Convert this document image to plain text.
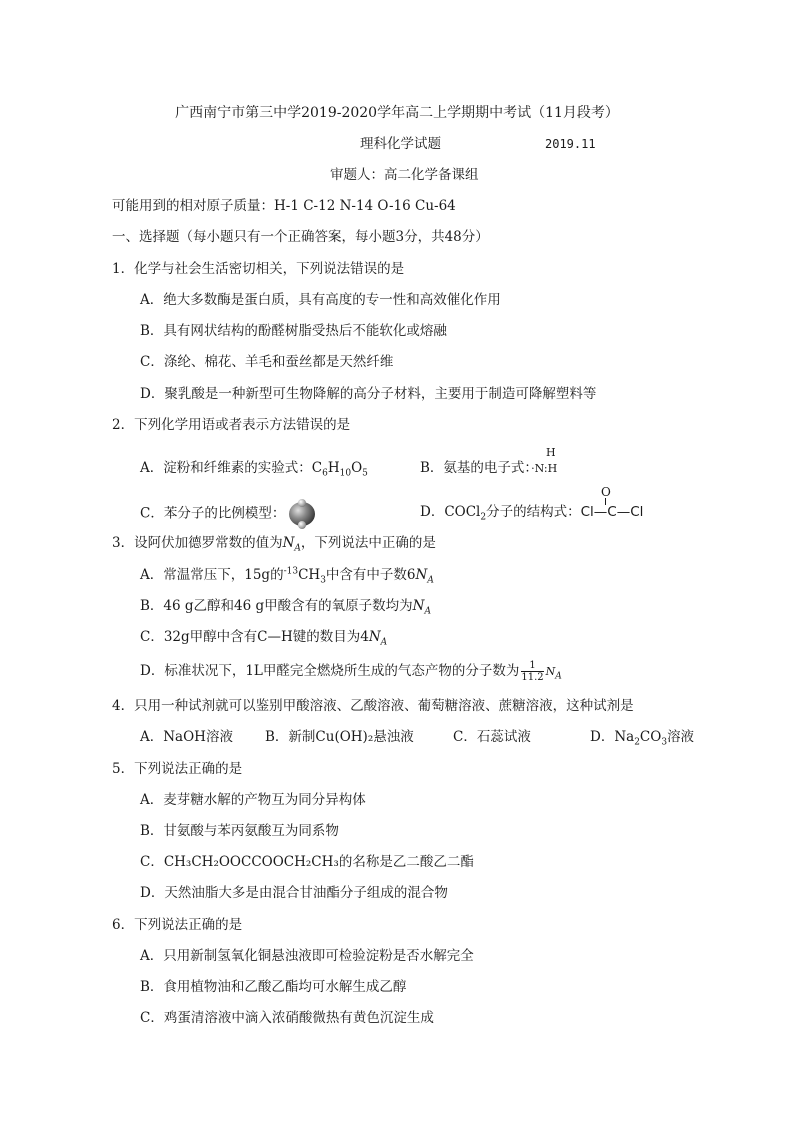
广西南宁市第三中学2019-2020学年高二上学期期中考试（11月段考）
理科化学试题	2019.11
审题人：高二化学备课组
可能用到的相对原子质量：H-1 C-12 N-14 O-16 Cu-64
一、选择题（每小题只有一个正确答案，每小题3分，共48分）
1．化学与社会生活密切相关，下列说法错误的是
A．绝大多数酶是蛋白质，具有高度的专一性和高效催化作用
B．具有网状结构的酚醛树脂受热后不能软化或熔融
C．涤纶、棉花、羊毛和蚕丝都是天然纤维
D．聚乳酸是一种新型可生物降解的高分子材料，主要用于制造可降解塑料等
2．下列化学用语或者表示方法错误的是
A．淀粉和纤维素的实验式：$C_6H_{10}O_5$
H
B．氨基的电子式：·N:H
C．苯分子的比例模型：
O
D．COCl$_2$分子的结构式：Cl—C—Cl
3．设阿伏加德罗常数的值为$N_A$，下列说法中正确的是
A．常温常压下，15g的$^{-13}CH_3$中含有中子数$6N_A$
B．46 g乙醇和46 g甲酸含有的氧原子数均为$N_A$
C．32g甲醇中含有C—H键的数目为$4N_A$
D．标准状况下，1L甲醛完全燃烧所生成的气态产物的分子数为 $\frac{1}{11.2} N_A$
4．只用一种试剂就可以鉴别甲酸溶液、乙酸溶液、葡萄糖溶液、蔗糖溶液，这种试剂是
A．NaOH溶液 B．新制Cu(OH)₂悬浊液	C．石蕊试液	D．$Na_2CO_3$溶液
5．下列说法正确的是
A．麦芽糖水解的产物互为同分异构体
B．甘氨酸与苯丙氨酸互为同系物
C．CH₃CH₂OOCCOOCH₂CH₃的名称是乙二酸乙二酯
D．天然油脂大多是由混合甘油酯分子组成的混合物
6．下列说法正确的是
A．只用新制氢氧化铜悬浊液即可检验淀粉是否水解完全
B．食用植物油和乙酸乙酯均可水解生成乙醇
C．鸡蛋清溶液中滴入浓硝酸微热有黄色沉淀生成
